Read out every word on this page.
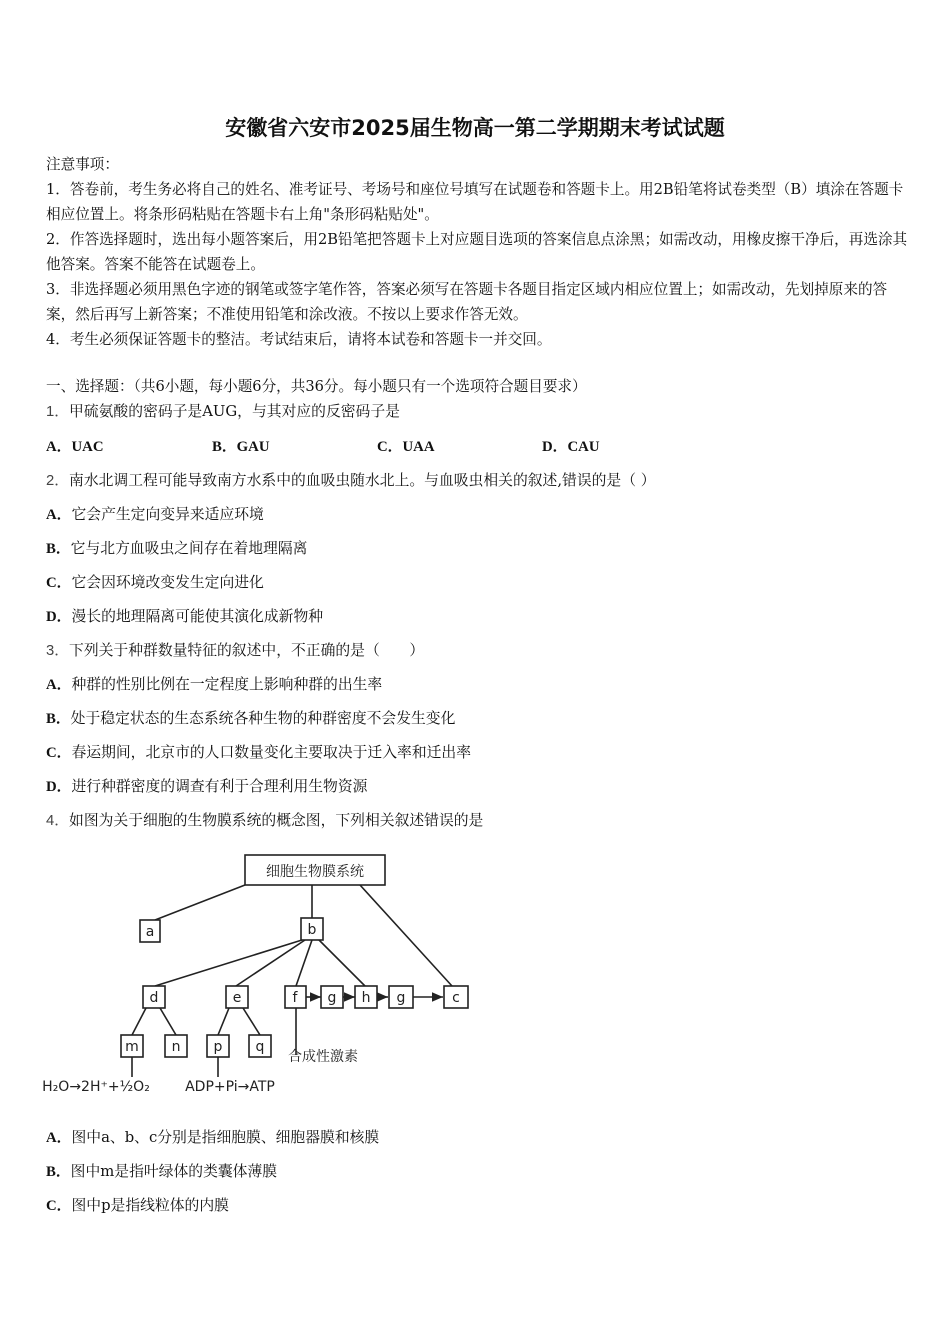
安徽省六安市2025届生物高一第二学期期末考试试题

注意事项：

1．答卷前，考生务必将自己的姓名、准考证号、考场号和座位号填写在试题卷和答题卡上。用2B铅笔将试卷类型（B）填涂在答题卡相应位置上。将条形码粘贴在答题卡右上角"条形码粘贴处"。

2．作答选择题时，选出每小题答案后，用2B铅笔把答题卡上对应题目选项的答案信息点涂黑；如需改动，用橡皮擦干净后，再选涂其他答案。答案不能答在试题卷上。

3．非选择题必须用黑色字迹的钢笔或签字笔作答，答案必须写在答题卡各题目指定区域内相应位置上；如需改动，先划掉原来的答案，然后再写上新答案；不准使用铅笔和涂改液。不按以上要求作答无效。

4．考生必须保证答题卡的整洁。考试结束后，请将本试卷和答题卡一并交回。

一、选择题：（共6小题，每小题6分，共36分。每小题只有一个选项符合题目要求）
1．甲硫氨酸的密码子是AUG，与其对应的反密码子是
A．UAC	B．GAU	C．UAA	D．CAU
2．南水北调工程可能导致南方水系中的血吸虫随水北上。与血吸虫相关的叙述,错误的是（ ）
A．它会产生定向变异来适应环境
B．它与北方血吸虫之间存在着地理隔离
C．它会因环境改变发生定向进化
D．漫长的地理隔离可能使其演化成新物种
3．下列关于种群数量特征的叙述中，不正确的是（　　）
A．种群的性别比例在一定程度上影响种群的出生率
B．处于稳定状态的生态系统各种生物的种群密度不会发生变化
C．春运期间，北京市的人口数量变化主要取决于迁入率和迁出率
D．进行种群密度的调查有利于合理利用生物资源
4．如图为关于细胞的生物膜系统的概念图，下列相关叙述错误的是
细胞生物膜系统
a	b
d	e	f g h g	c
m n p q
合成性激素
H₂O→2H⁺+½O₂	ADP+Pi→ATP
A．图中a、b、c分别是指细胞膜、细胞器膜和核膜
B．图中m是指叶绿体的类囊体薄膜
C．图中p是指线粒体的内膜
